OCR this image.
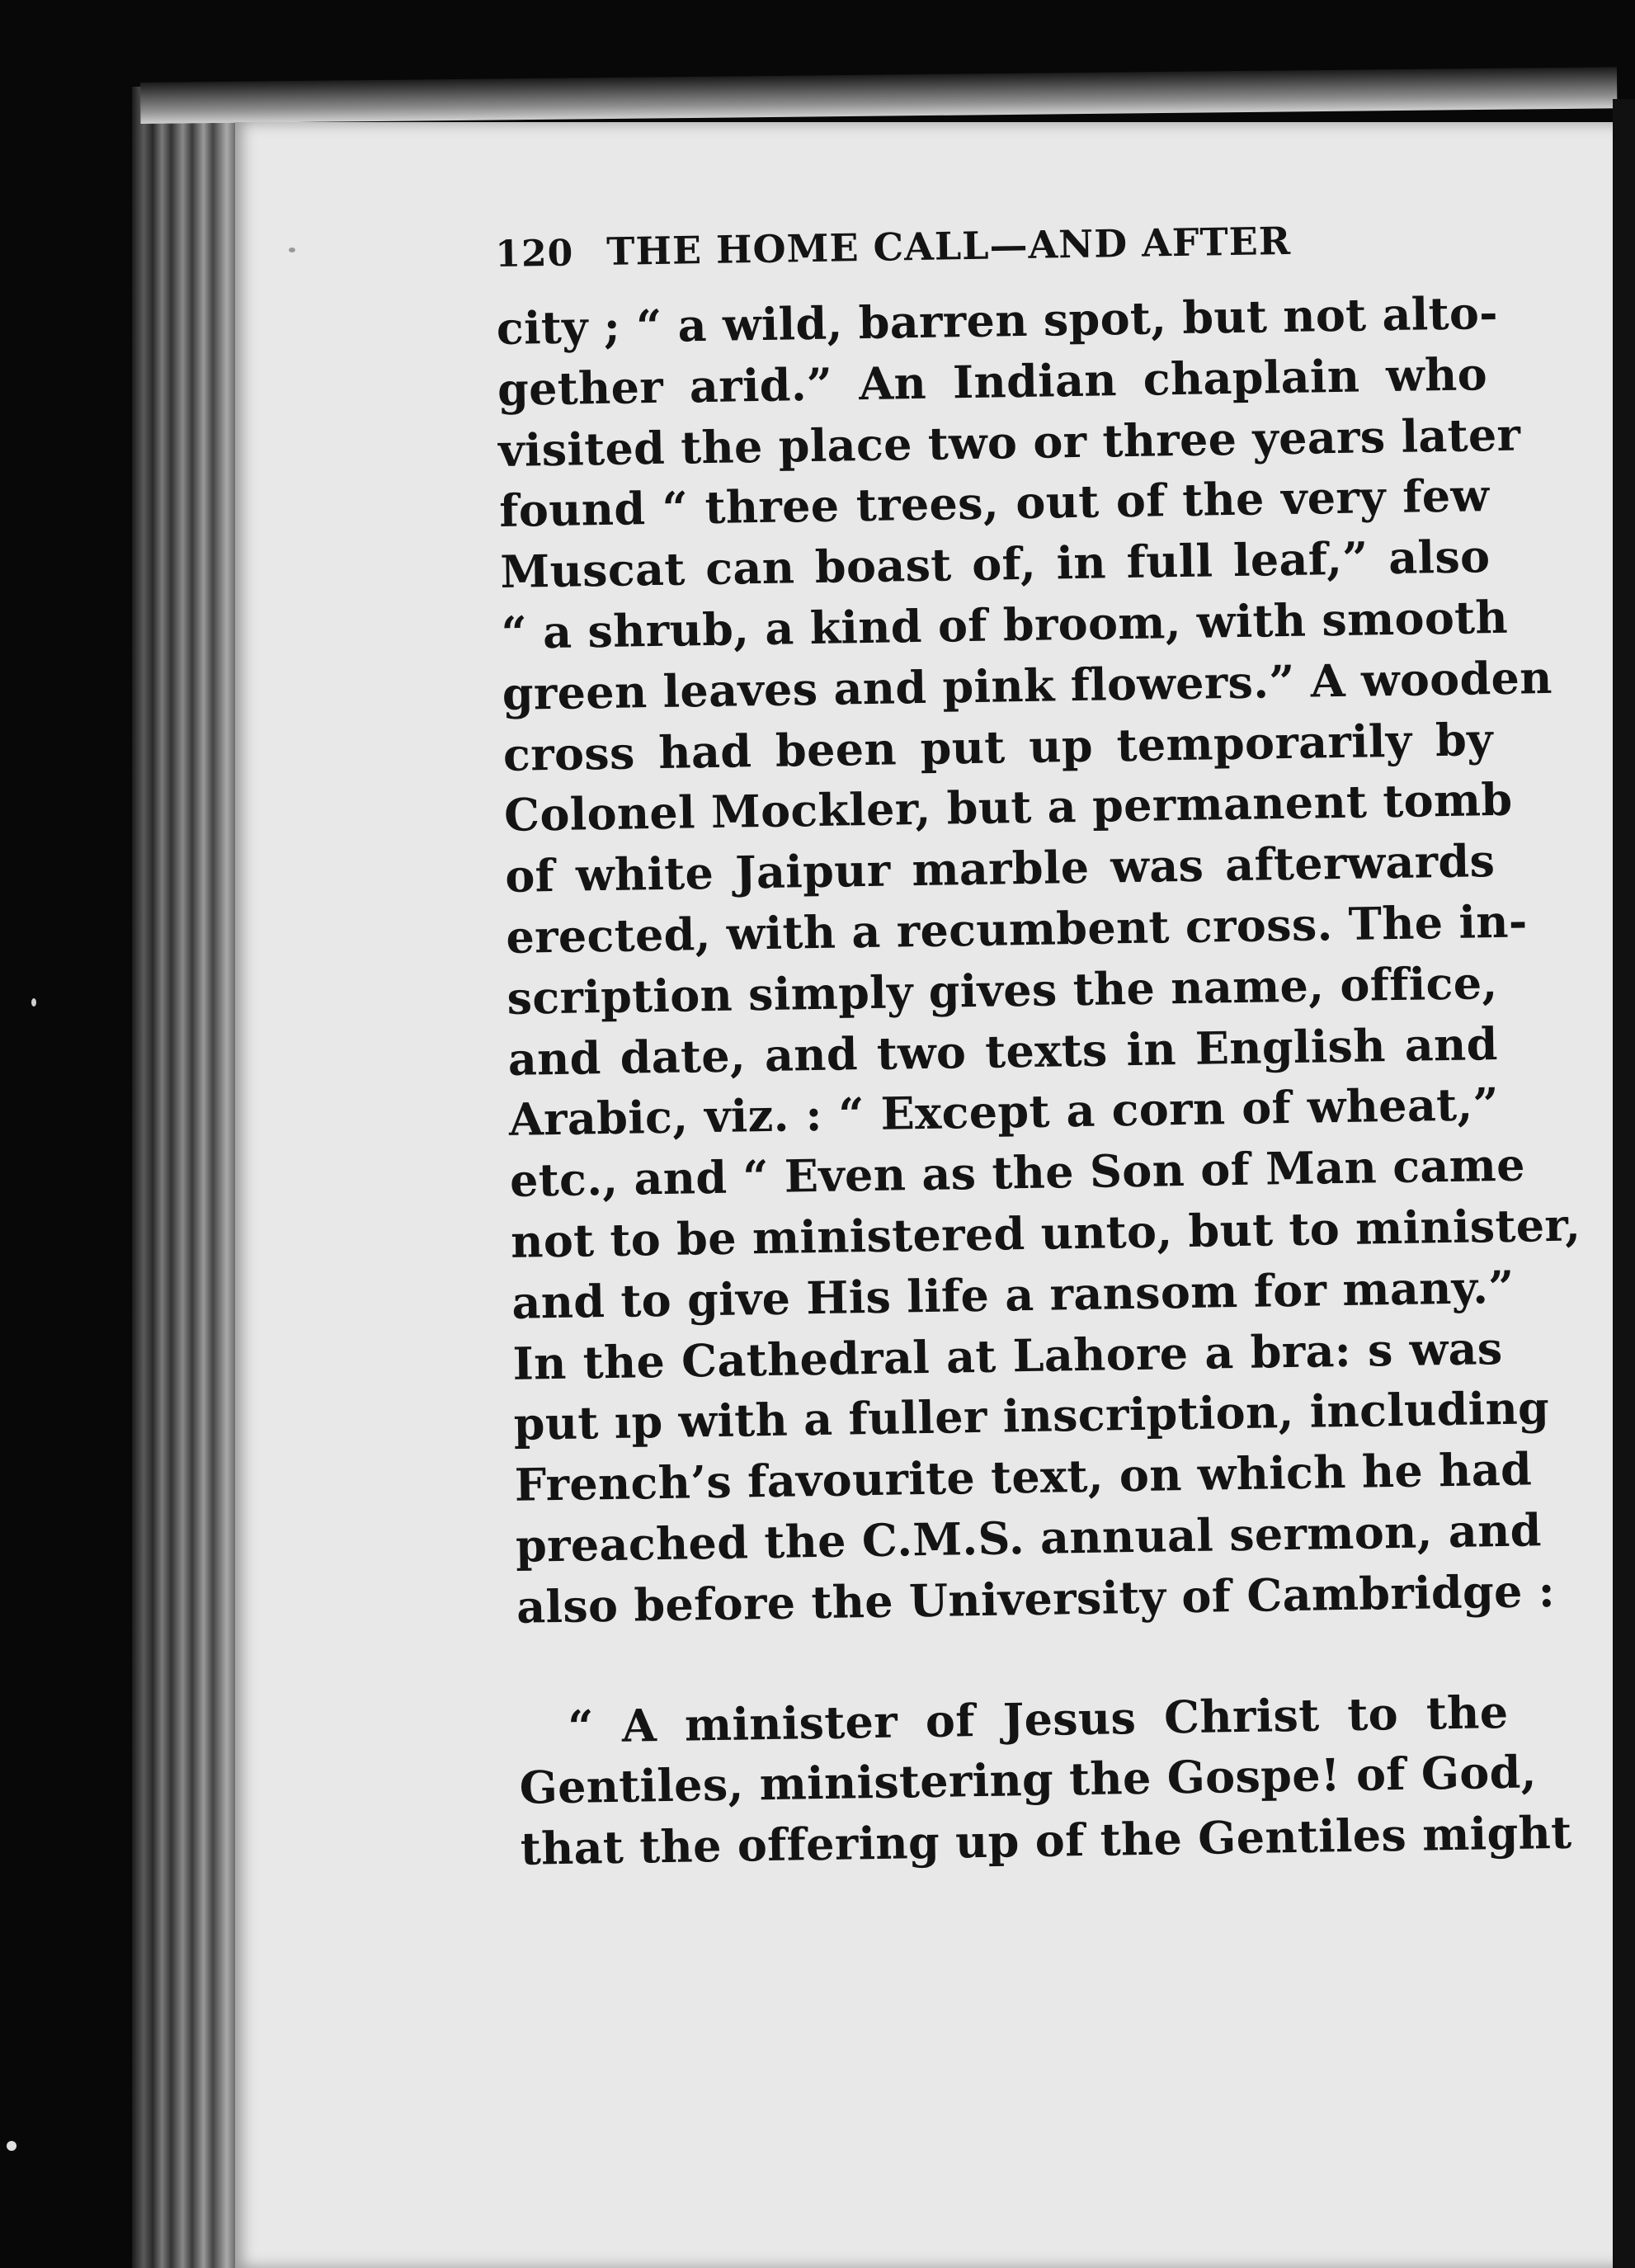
120 THE HOME CALL—AND AFTER
city ; “ a wild, barren spot, but not alto-
gether arid.” An Indian chaplain who
visited the place two or three years later
found “ three trees, out of the very few
Muscat can boast of, in full leaf,” also
“ a shrub, a kind of broom, with smooth
green leaves and pink flowers.” A wooden
cross had been put up temporarily by
Colonel Mockler, but a permanent tomb
of white Jaipur marble was afterwards
erected, with a recumbent cross. The in-
scription simply gives the name, office,
and date, and two texts in English and
Arabic, viz. : “ Except a corn of wheat,”
etc., and “ Even as the Son of Man came
not to be ministered unto, but to minister,
and to give His life a ransom for many.”
In the Cathedral at Lahore a bra: s was
put ıp with a fuller inscription, including
French’s favourite text, on which he had
preached the C.M.S. annual sermon, and
also before the University of Cambridge :
“ A minister of Jesus Christ to the
Gentiles, ministering the Gospe! of God,
that the offering up of the Gentiles might
